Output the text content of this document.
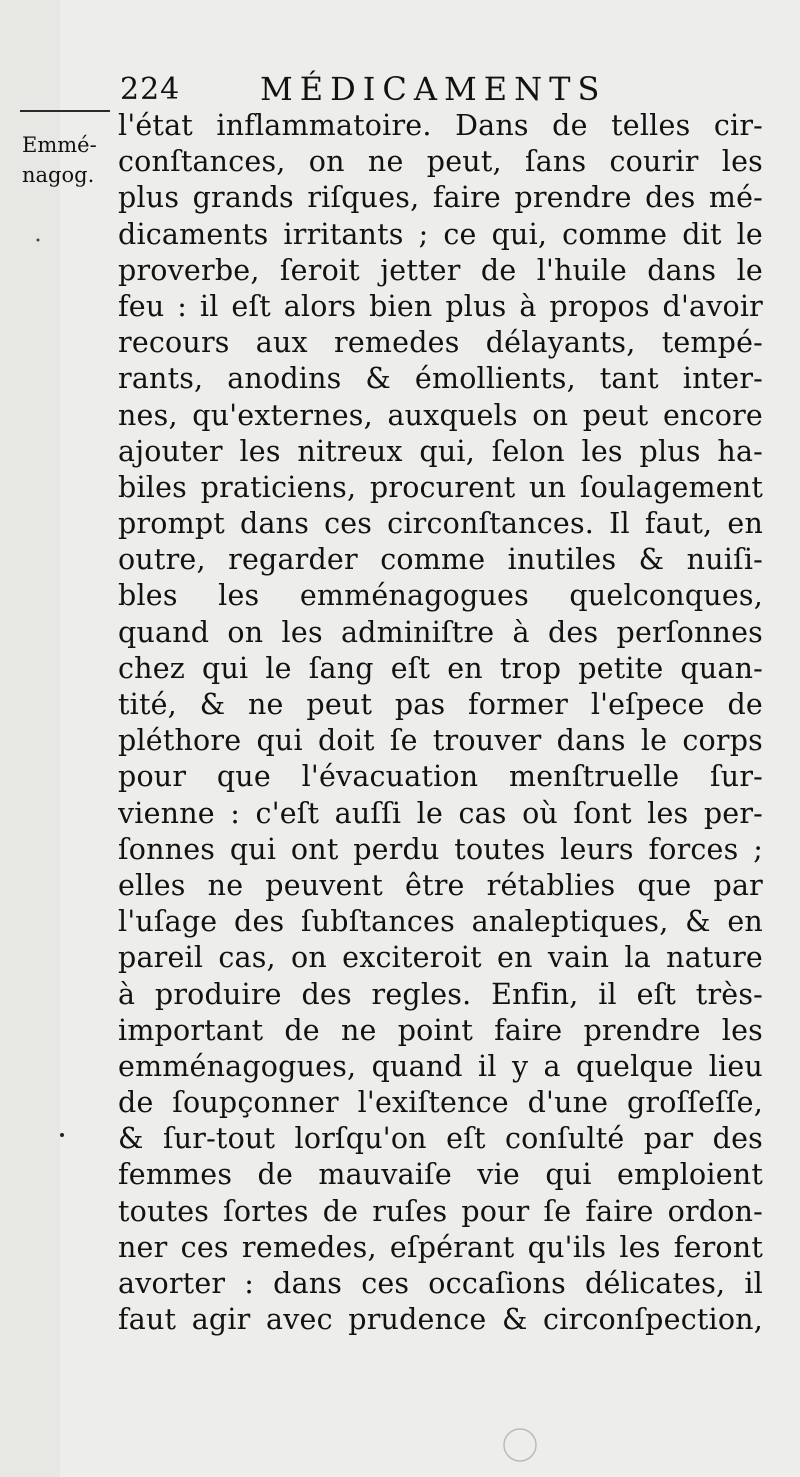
224 MÉDICAMENTS
Emmé-
nagog.
l'état inflammatoire. Dans de telles cir-
conſtances, on ne peut, ſans courir les
plus grands riſques, faire prendre des mé-
dicaments irritants ; ce qui, comme dit le
proverbe, ſeroit jetter de l'huile dans le
feu : il eſt alors bien plus à propos d'avoir
recours aux remedes délayants, tempé-
rants, anodins & émollients, tant inter-
nes, qu'externes, auxquels on peut encore
ajouter les nitreux qui, ſelon les plus ha-
biles praticiens, procurent un ſoulagement
prompt dans ces circonſtances. Il faut, en
outre, regarder comme inutiles & nuiſi-
bles les emménagogues quelconques,
quand on les adminiſtre à des perſonnes
chez qui le ſang eſt en trop petite quan-
tité, & ne peut pas former l'eſpece de
pléthore qui doit ſe trouver dans le corps
pour que l'évacuation menſtruelle ſur-
vienne : c'eſt auſſi le cas où ſont les per-
ſonnes qui ont perdu toutes leurs forces ;
elles ne peuvent être rétablies que par
l'uſage des ſubſtances analeptiques, & en
pareil cas, on exciteroit en vain la nature
à produire des regles. Enfin, il eſt très-
important de ne point faire prendre les
emménagogues, quand il y a quelque lieu
de ſoupçonner l'exiſtence d'une groſſeſſe,
& ſur-tout lorſqu'on eſt conſulté par des
femmes de mauvaiſe vie qui emploient
toutes ſortes de ruſes pour ſe faire ordon-
ner ces remedes, eſpérant qu'ils les feront
avorter : dans ces occaſions délicates, il
faut agir avec prudence & circonſpection,
